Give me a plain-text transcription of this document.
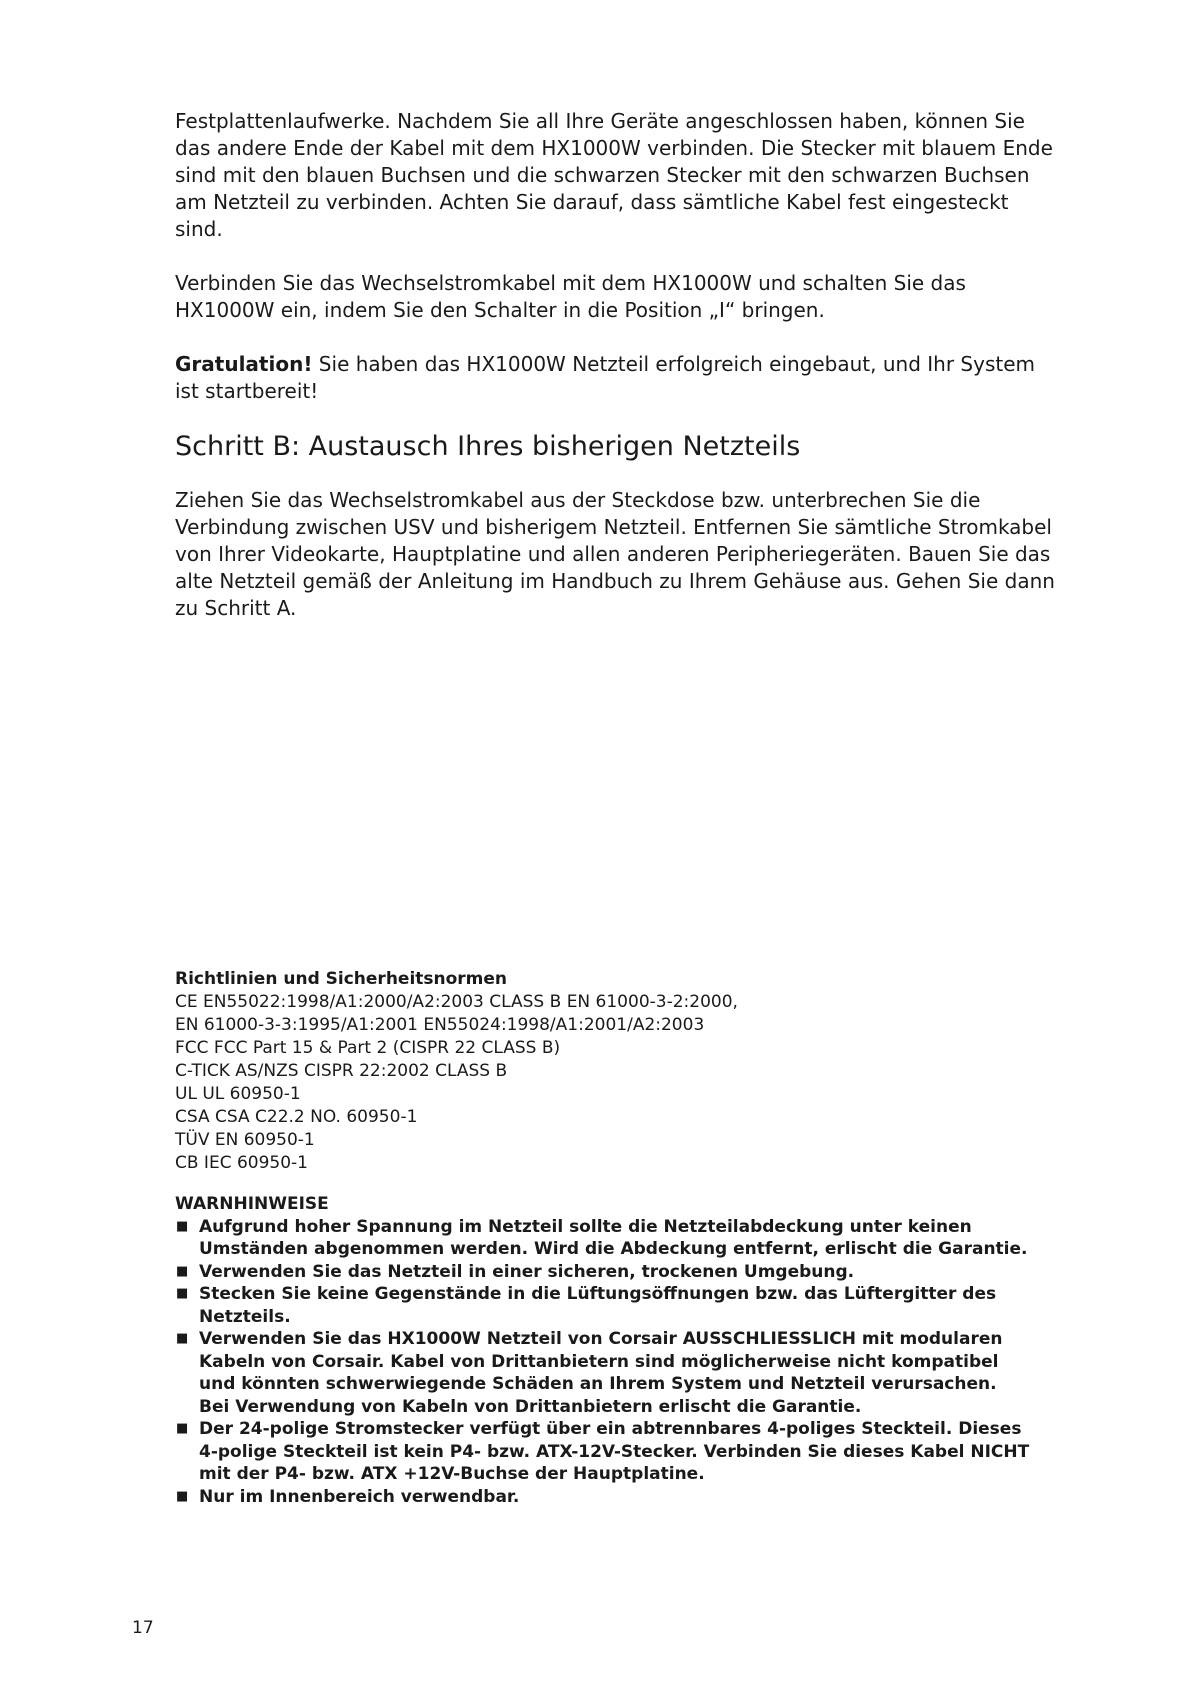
Festplattenlaufwerke. Nachdem Sie all Ihre Geräte angeschlossen haben, können Sie das andere Ende der Kabel mit dem HX1000W verbinden. Die Stecker mit blauem Ende sind mit den blauen Buchsen und die schwarzen Stecker mit den schwarzen Buchsen am Netzteil zu verbinden. Achten Sie darauf, dass sämtliche Kabel fest eingesteckt sind.

Verbinden Sie das Wechselstromkabel mit dem HX1000W und schalten Sie das HX1000W ein, indem Sie den Schalter in die Position „I“ bringen.

Gratulation! Sie haben das HX1000W Netzteil erfolgreich eingebaut, und Ihr System ist startbereit!

Schritt B: Austausch Ihres bisherigen Netzteils

Ziehen Sie das Wechselstromkabel aus der Steckdose bzw. unterbrechen Sie die Verbindung zwischen USV und bisherigem Netzteil. Entfernen Sie sämtliche Stromkabel von Ihrer Videokarte, Hauptplatine und allen anderen Peripheriegeräten. Bauen Sie das alte Netzteil gemäß der Anleitung im Handbuch zu Ihrem Gehäuse aus. Gehen Sie dann zu Schritt A.

Richtlinien und Sicherheitsnormen
CE EN55022:1998/A1:2000/A2:2003 CLASS B EN 61000-3-2:2000,
EN 61000-3-3:1995/A1:2001 EN55024:1998/A1:2001/A2:2003
FCC FCC Part 15 & Part 2 (CISPR 22 CLASS B)
C-TICK AS/NZS CISPR 22:2002 CLASS B
UL UL 60950-1
CSA CSA C22.2 NO. 60950-1
TÜV EN 60950-1
CB IEC 60950-1
WARNHINWEISE
■ Aufgrund hoher Spannung im Netzteil sollte die Netzteilabdeckung unter keinen Umständen abgenommen werden. Wird die Abdeckung entfernt, erlischt die Garantie.
■ Verwenden Sie das Netzteil in einer sicheren, trockenen Umgebung.
■ Stecken Sie keine Gegenstände in die Lüftungsöffnungen bzw. das Lüftergitter des Netzteils.
■ Verwenden Sie das HX1000W Netzteil von Corsair AUSSCHLIESSLICH mit modularen Kabeln von Corsair. Kabel von Drittanbietern sind möglicherweise nicht kompatibel und könnten schwerwiegende Schäden an Ihrem System und Netzteil verursachen.
Bei Verwendung von Kabeln von Drittanbietern erlischt die Garantie.
■ Der 24-polige Stromstecker verfügt über ein abtrennbares 4-poliges Steckteil. Dieses 4-polige Steckteil ist kein P4- bzw. ATX-12V-Stecker. Verbinden Sie dieses Kabel NICHT mit der P4- bzw. ATX +12V-Buchse der Hauptplatine.
■ Nur im Innenbereich verwendbar.
17
